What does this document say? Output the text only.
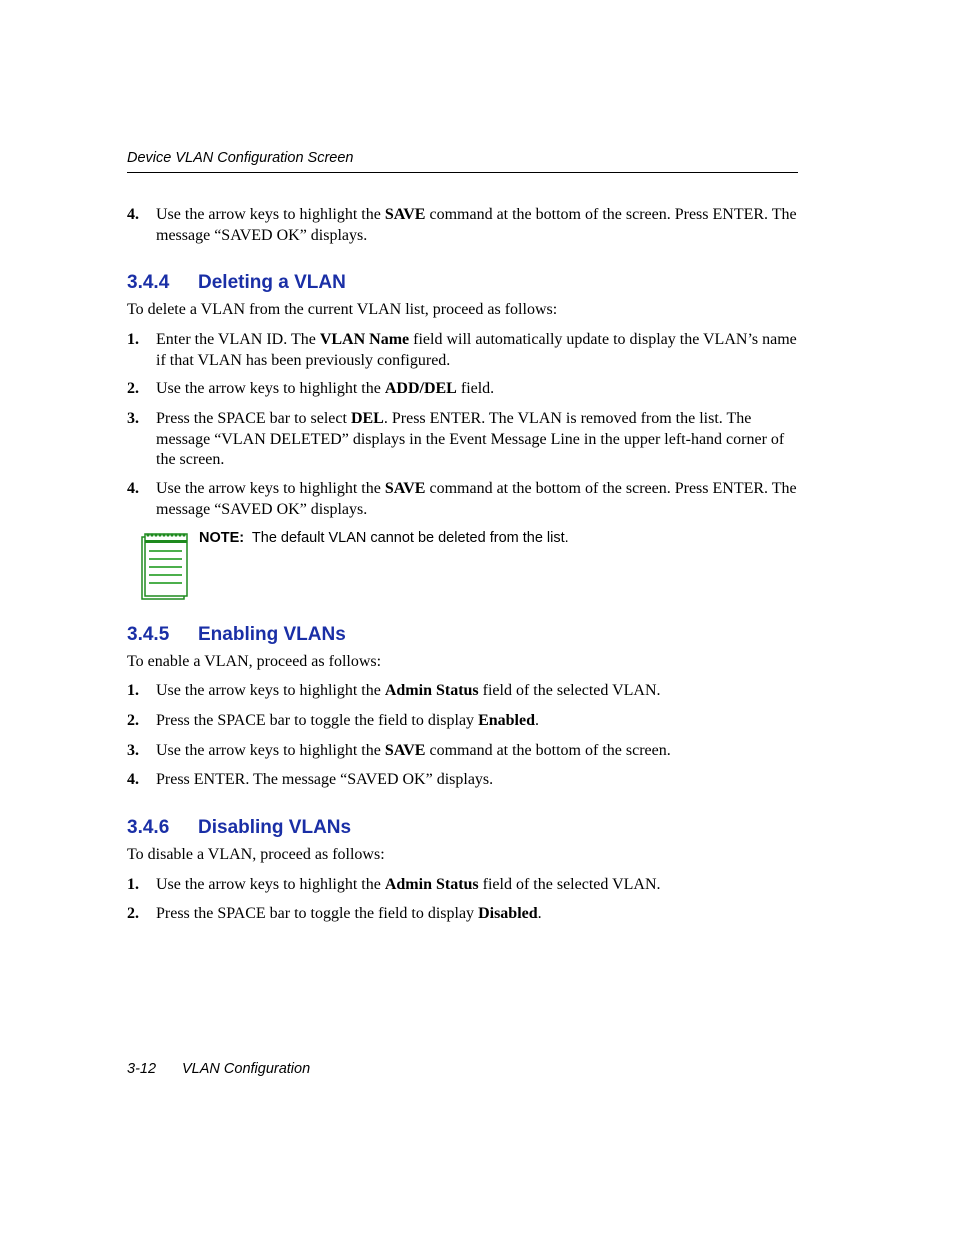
Device VLAN Configuration Screen
4. Use the arrow keys to highlight the SAVE command at the bottom of the screen. Press ENTER. The message “SAVED OK” displays.
3.4.4 Deleting a VLAN
To delete a VLAN from the current VLAN list, proceed as follows:
1. Enter the VLAN ID. The VLAN Name field will automatically update to display the VLAN’s name if that VLAN has been previously configured.
2. Use the arrow keys to highlight the ADD/DEL field.
3. Press the SPACE bar to select DEL. Press ENTER. The VLAN is removed from the list. The message “VLAN DELETED” displays in the Event Message Line in the upper left-hand corner of the screen.
4. Use the arrow keys to highlight the SAVE command at the bottom of the screen. Press ENTER. The message “SAVED OK” displays.
NOTE: The default VLAN cannot be deleted from the list.
3.4.5 Enabling VLANs
To enable a VLAN, proceed as follows:
1. Use the arrow keys to highlight the Admin Status field of the selected VLAN.
2. Press the SPACE bar to toggle the field to display Enabled.
3. Use the arrow keys to highlight the SAVE command at the bottom of the screen.
4. Press ENTER. The message “SAVED OK” displays.
3.4.6 Disabling VLANs
To disable a VLAN, proceed as follows:
1. Use the arrow keys to highlight the Admin Status field of the selected VLAN.
2. Press the SPACE bar to toggle the field to display Disabled.
3-12 VLAN Configuration
